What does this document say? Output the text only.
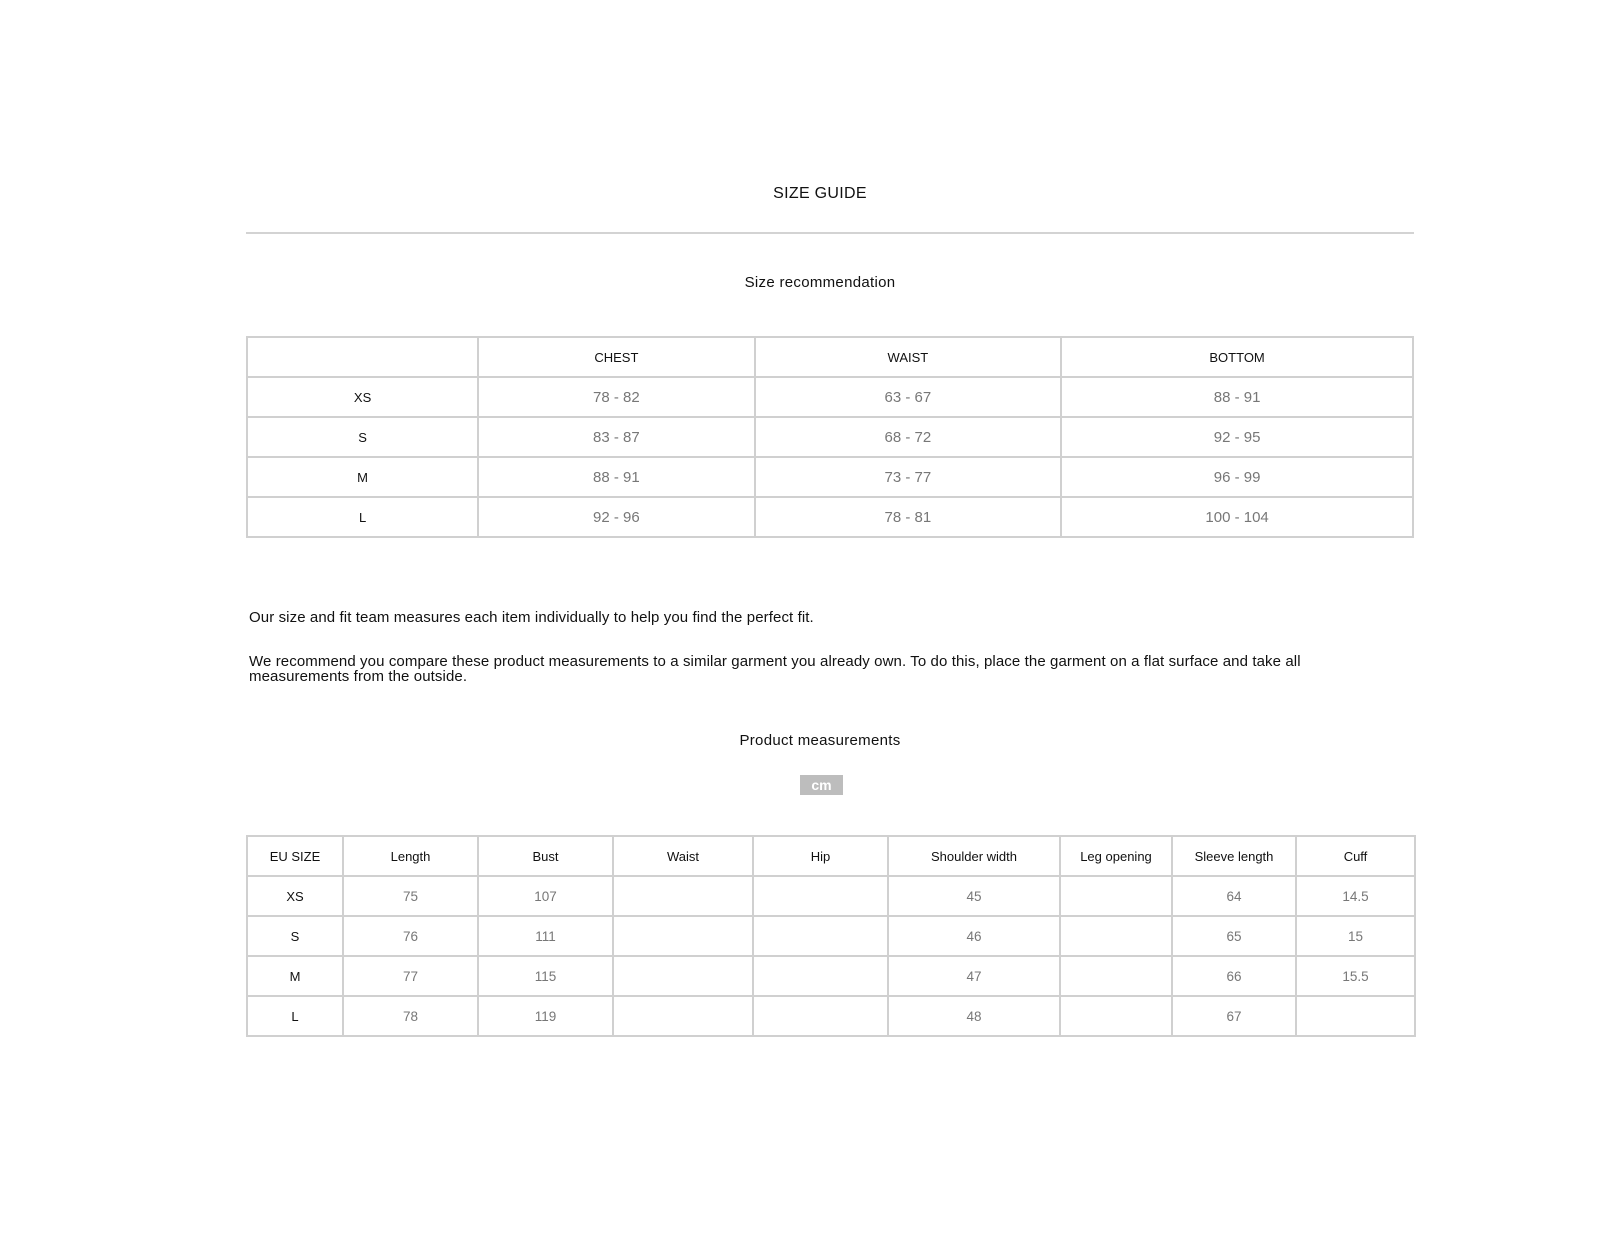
SIZE GUIDE
Size recommendation
	CHEST	WAIST	BOTTOM
XS	78 - 82	63 - 67	88 - 91
S	83 - 87	68 - 72	92 - 95
M	88 - 91	73 - 77	96 - 99
L	92 - 96	78 - 81	100 - 104
Our size and fit team measures each item individually to help you find the perfect fit.
We recommend you compare these product measurements to a similar garment you already own. To do this, place the garment on a flat surface and take all measurements from the outside.
Product measurements
cm
EU SIZE	Length	Bust	Waist	Hip	Shoulder width	Leg opening	Sleeve length	Cuff
XS	75	107			45		64	14.5
S	76	111			46		65	15
M	77	115			47		66	15.5
L	78	119			48		67	
